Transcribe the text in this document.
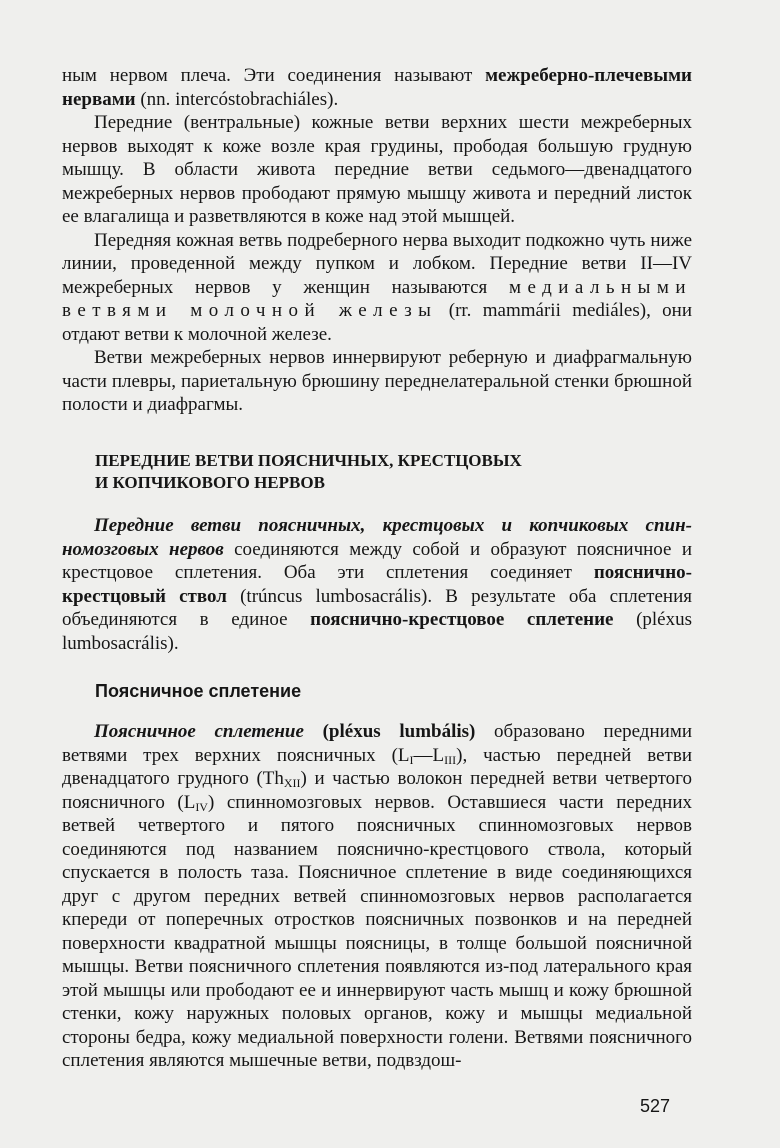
ным нервом плеча. Эти соединения называют межреберно-плечевыми нервами (nn. intercóstobrachiáles).

Передние (вентральные) кожные ветви верхних шести межреберных нервов выходят к коже возле края грудины, прободая большую грудную мышцу. В области живота передние ветви седьмого—двенадцатого межреберных нервов прободают прямую мышцу живота и передний листок ее влагалища и разветвляются в коже над этой мышцей.

Передняя кожная ветвь подреберного нерва выходит подкожно чуть ниже линии, проведенной между пупком и лобком. Передние ветви II—IV межреберных нервов у женщин называются медиальными ветвями молочной железы (rr. mammárii mediáles), они отдают ветви к молочной железе.

Ветви межреберных нервов иннервируют реберную и диафрагмальную части плевры, париетальную брюшину переднелатеральной стенки брюшной полости и диафрагмы.

ПЕРЕДНИЕ ВЕТВИ ПОЯСНИЧНЫХ, КРЕСТЦОВЫХ

И КОПЧИКОВОГО НЕРВОВ

Передние ветви поясничных, крестцовых и копчиковых спинномозговых нервов соединяются между собой и образуют поясничное и крестцовое сплетения. Оба эти сплетения соединяет пояснично-крестцовый ствол (trúncus lumbosacrális). В результате оба сплетения объединяются в единое пояснично-крестцовое сплетение (pléxus lumbosacrális).

Поясничное сплетение

Поясничное сплетение (pléxus lumbális) образовано передними ветвями трех верхних поясничных $(L_I—L_{III})$, частью передней ветви двенадцатого грудного $(Th_{XII})$ и частью волокон передней ветви четвертого поясничного $(L_{IV})$ спинномозговых нервов. Оставшиеся части передних ветвей четвертого и пятого поясничных спинномозговых нервов соединяются под названием пояснично-крестцового ствола, который спускается в полость таза. Поясничное сплетение в виде соединяющихся друг с другом передних ветвей спинномозговых нервов располагается кпереди от поперечных отростков поясничных позвонков и на передней поверхности квадратной мышцы поясницы, в толще большой поясничной мышцы. Ветви поясничного сплетения появляются из-под латерального края этой мышцы или прободают ее и иннервируют часть мышц и кожу брюшной стенки, кожу наружных половых органов, кожу и мышцы медиальной стороны бедра, кожу медиальной поверхности голени. Ветвями поясничного сплетения являются мышечные ветви, подвздош-

527
